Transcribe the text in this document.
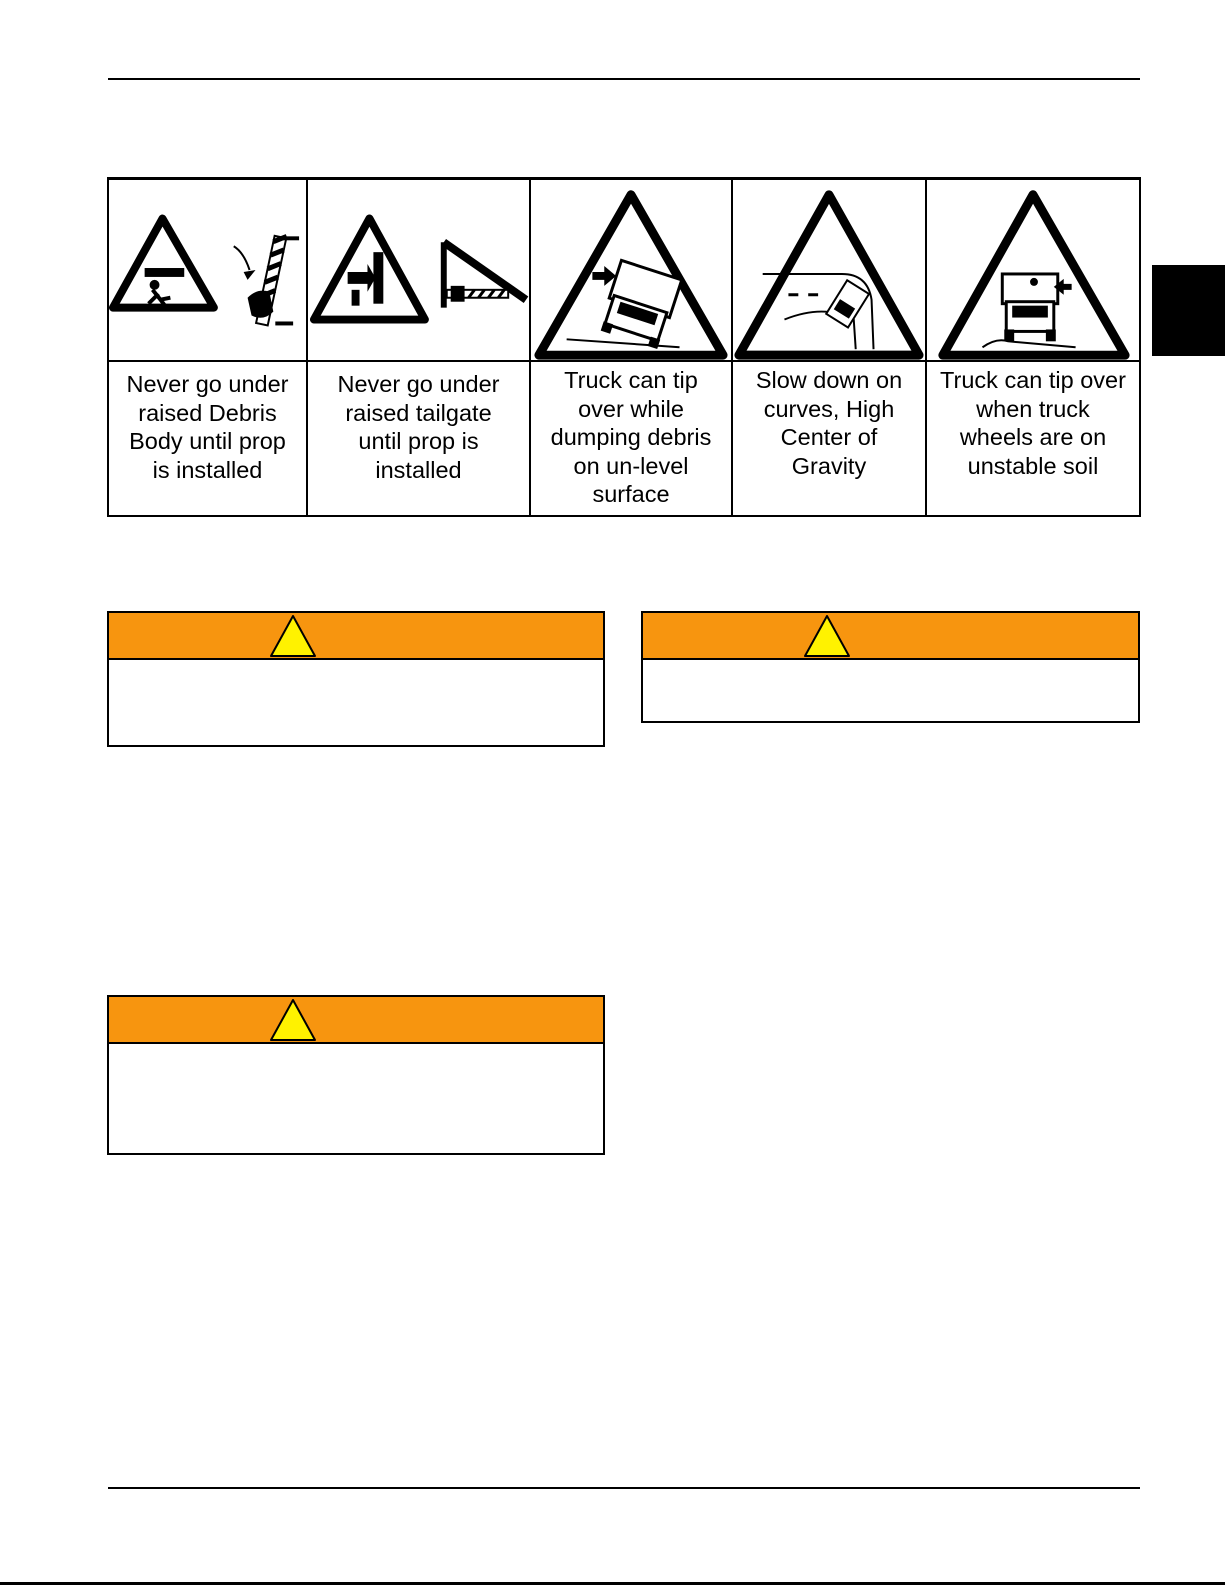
Never go under
raised Debris
Body until prop
is installed	Never go under
raised tailgate
until prop is
installed	Truck can tip
over while
dumping debris
on un-level
surface	Slow down on
curves, High
Center of
Gravity	Truck can tip over
when truck
wheels are on
unstable soil
